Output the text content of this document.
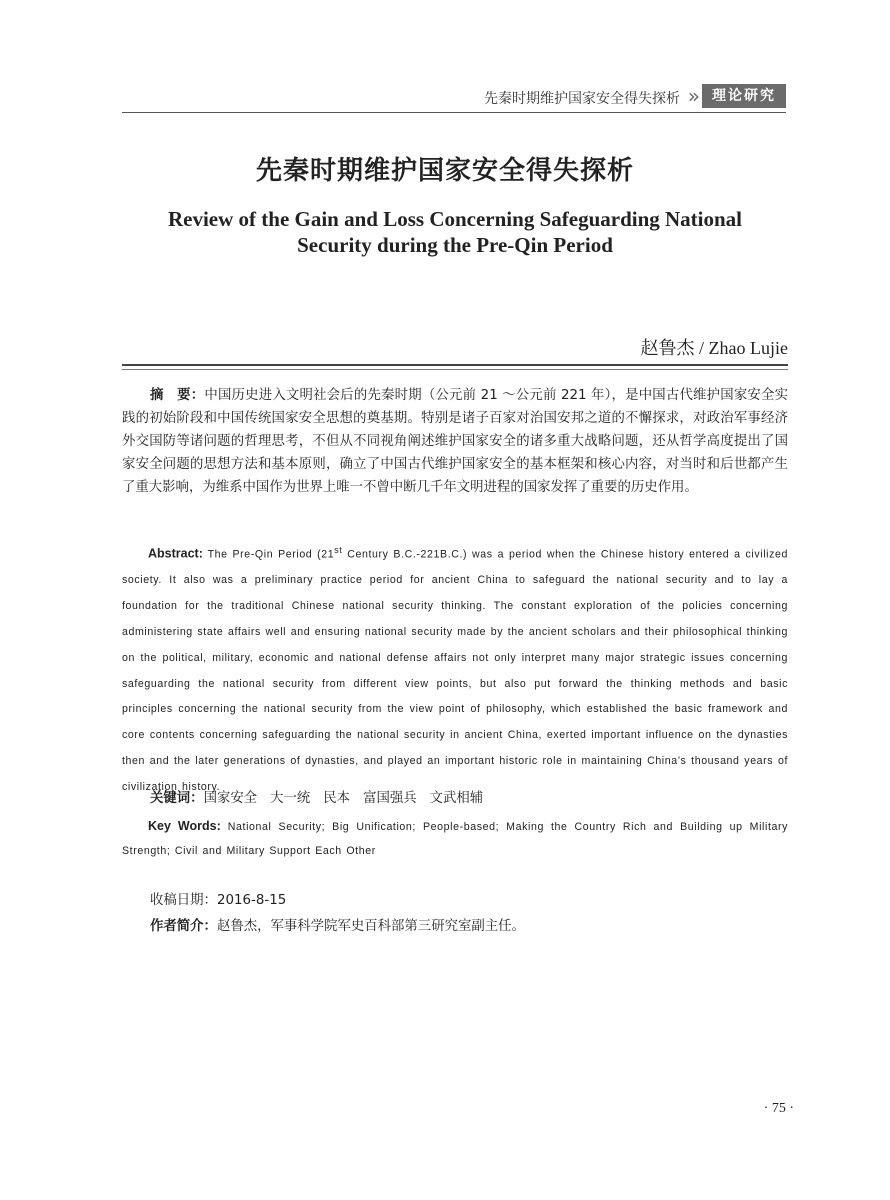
先秦时期维护国家安全得失探析 »	理论研究
先秦时期维护国家安全得失探析
Review of the Gain and Loss Concerning Safeguarding National
Security during the Pre-Qin Period
赵鲁杰 / Zhao Lujie
摘　要：中国历史进入文明社会后的先秦时期（公元前 21 ～公元前 221 年），是中国古代维护国家安全实践的初始阶段和中国传统国家安全思想的奠基期。特别是诸子百家对治国安邦之道的不懈探求，对政治军事经济外交国防等诸问题的哲理思考，不但从不同视角阐述维护国家安全的诸多重大战略问题，还从哲学高度提出了国家安全问题的思想方法和基本原则，确立了中国古代维护国家安全的基本框架和核心内容，对当时和后世都产生了重大影响，为维系中国作为世界上唯一不曾中断几千年文明进程的国家发挥了重要的历史作用。
Abstract: The Pre-Qin Period (21st Century B.C.-221B.C.) was a period when the Chinese history entered a civilized society. It also was a preliminary practice period for ancient China to safeguard the national security and to lay a foundation for the traditional Chinese national security thinking. The constant exploration of the policies concerning administering state affairs well and ensuring national security made by the ancient scholars and their philosophical thinking on the political, military, economic and national defense affairs not only interpret many major strategic issues concerning safeguarding the national security from different view points, but also put forward the thinking methods and basic principles concerning the national security from the view point of philosophy, which established the basic framework and core contents concerning safeguarding the national security in ancient China, exerted important influence on the dynasties then and the later generations of dynasties, and played an important historic role in maintaining China’s thousand years of civilization history.
关键词：国家安全 大一统 民本 富国强兵 文武相辅
Key Words: National Security; Big Unification; People-based; Making the Country Rich and Building up Military Strength; Civil and Military Support Each Other
收稿日期：2016-8-15
作者简介：赵鲁杰，军事科学院军史百科部第三研究室副主任。
· 75 ·
